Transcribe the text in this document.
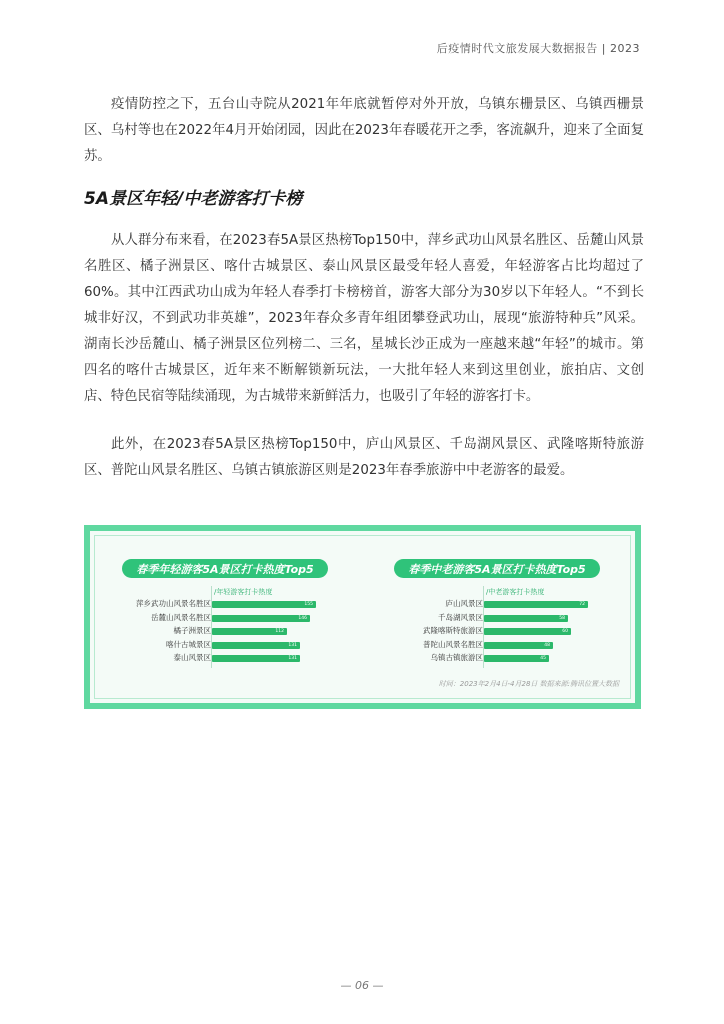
后疫情时代文旅发展大数据报告 | 2023

疫情防控之下，五台山寺院从2021年年底就暂停对外开放，乌镇东栅景区、乌镇西栅景区、乌村等也在2022年4月开始闭园，因此在2023年春暖花开之季，客流飙升，迎来了全面复苏。

5A景区年轻/中老游客打卡榜

从人群分布来看，在2023春5A景区热榜Top150中，萍乡武功山风景名胜区、岳麓山风景名胜区、橘子洲景区、喀什古城景区、泰山风景区最受年轻人喜爱，年轻游客占比均超过了60%。其中江西武功山成为年轻人春季打卡榜榜首，游客大部分为30岁以下年轻人。“不到长城非好汉，不到武功非英雄”，2023年春众多青年组团攀登武功山，展现“旅游特种兵”风采。湖南长沙岳麓山、橘子洲景区位列榜二、三名，星城长沙正成为一座越来越“年轻”的城市。第四名的喀什古城景区，近年来不断解锁新玩法，一大批年轻人来到这里创业，旅拍店、文创店、特色民宿等陆续涌现，为古城带来新鲜活力，也吸引了年轻的游客打卡。

此外，在2023春5A景区热榜Top150中，庐山风景区、千岛湖风景区、武隆喀斯特旅游区、普陀山风景名胜区、乌镇古镇旅游区则是2023年春季旅游中中老游客的最爱。

春季年轻游客5A景区打卡热度Top5
/年轻游客打卡热度
萍乡武功山风景名胜区	155
岳麓山风景名胜区	146
橘子洲景区	112
喀什古城景区	131
泰山风景区	131
春季中老游客5A景区打卡热度Top5
/中老游客打卡热度
庐山风景区	72
千岛湖风景区	58
武隆喀斯特旅游区	60
普陀山风景名胜区	48
乌镇古镇旅游区	45
时间：2023年2月4日-4月28日 数据来源:腾讯位置大数据
— 06 —
